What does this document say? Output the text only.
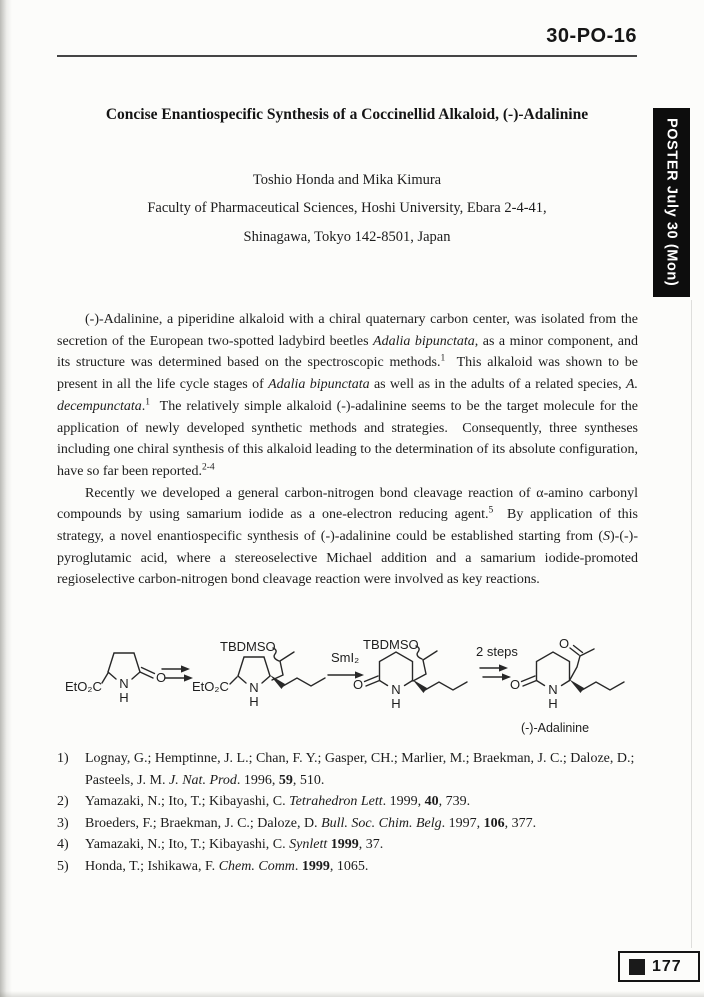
30-PO-16
Concise Enantiospecific Synthesis of a Coccinellid Alkaloid, (-)-Adalinine
Toshio Honda and Mika Kimura
Faculty of Pharmaceutical Sciences, Hoshi University, Ebara 2-4-41,
Shinagawa, Tokyo 142-8501, Japan	POSTER July 30 (Mon)

(-)-Adalinine, a piperidine alkaloid with a chiral quaternary carbon center, was isolated from the secretion of the European two-spotted ladybird beetles Adalia bipunctata, as a minor component, and its structure was determined based on the spectroscopic methods.$^1$  This alkaloid was shown to be present in all the life cycle stages of Adalia bipunctata as well as in the adults of a related species, A. decempunctata.$^1$  The relatively simple alkaloid (-)-adalinine seems to be the target molecule for the application of newly developed synthetic methods and strategies.  Consequently, three syntheses including one chiral synthesis of this alkaloid leading to the determination of its absolute configuration, have so far been reported.$^{2-4}$

Recently we developed a general carbon-nitrogen bond cleavage reaction of α-amino carbonyl compounds by using samarium iodide as a one-electron reducing agent.$^5$  By application of this strategy, a novel enantiospecific synthesis of (-)-adalinine could be established starting from (S)-(-)-pyroglutamic acid, where a stereoselective Michael addition and a samarium iodide-promoted regioselective carbon-nitrogen bond cleavage reaction were involved as key reactions.

EtO₂C
O
N
H
TBDMSO
EtO₂C N
H
SmI₂
TBDMSO
O N
H
2 steps
O
O
N
H
(-)-Adalinine
1) Lognay, G.; Hemptinne, J. L.; Chan, F. Y.; Gasper, CH.; Marlier, M.; Braekman, J. C.; Daloze, D.; Pasteels, J. M. J. Nat. Prod. 1996, 59, 510.
2) Yamazaki, N.; Ito, T.; Kibayashi, C. Tetrahedron Lett. 1999, 40, 739.
3) Broeders, F.; Braekman, J. C.; Daloze, D. Bull. Soc. Chim. Belg. 1997, 106, 377.
4) Yamazaki, N.; Ito, T.; Kibayashi, C. Synlett 1999, 37.
5) Honda, T.; Ishikawa, F. Chem. Comm. 1999, 1065.
177
